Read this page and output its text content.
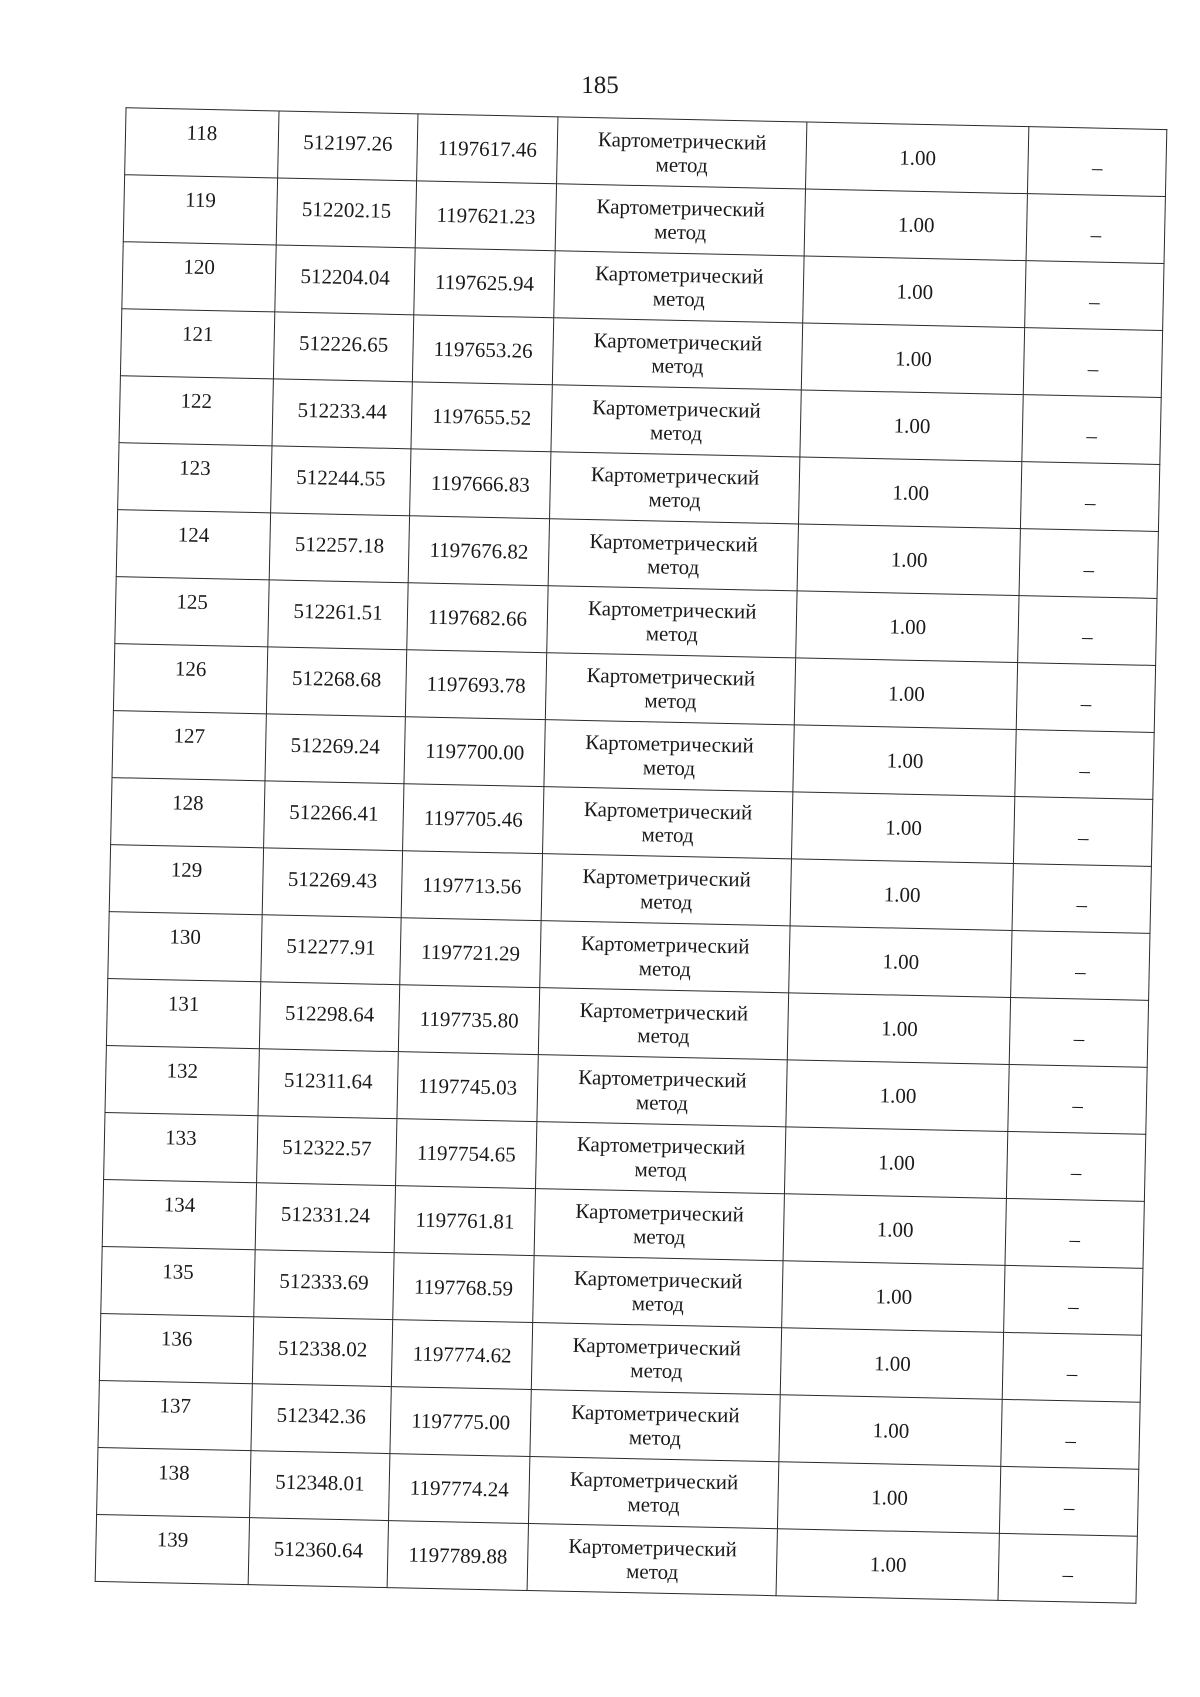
185
118	512197.26	1197617.46	Картометрический
метод	1.00	–
119	512202.15	1197621.23	Картометрический
метод	1.00	–
120	512204.04	1197625.94	Картометрический
метод	1.00	–
121	512226.65	1197653.26	Картометрический
метод	1.00	–
122	512233.44	1197655.52	Картометрический
метод	1.00	–
123	512244.55	1197666.83	Картометрический
метод	1.00	–
124	512257.18	1197676.82	Картометрический
метод	1.00	–
125	512261.51	1197682.66	Картометрический
метод	1.00	–
126	512268.68	1197693.78	Картометрический
метод	1.00	–
127	512269.24	1197700.00	Картометрический
метод	1.00	–
128	512266.41	1197705.46	Картометрический
метод	1.00	–
129	512269.43	1197713.56	Картометрический
метод	1.00	–
130	512277.91	1197721.29	Картометрический
метод	1.00	–
131	512298.64	1197735.80	Картометрический
метод	1.00	–
132	512311.64	1197745.03	Картометрический
метод	1.00	–
133	512322.57	1197754.65	Картометрический
метод	1.00	–
134	512331.24	1197761.81	Картометрический
метод	1.00	–
135	512333.69	1197768.59	Картометрический
метод	1.00	–
136	512338.02	1197774.62	Картометрический
метод	1.00	–
137	512342.36	1197775.00	Картометрический
метод	1.00	–
138	512348.01	1197774.24	Картометрический
метод	1.00	–
139	512360.64	1197789.88	Картометрический
метод	1.00	–
